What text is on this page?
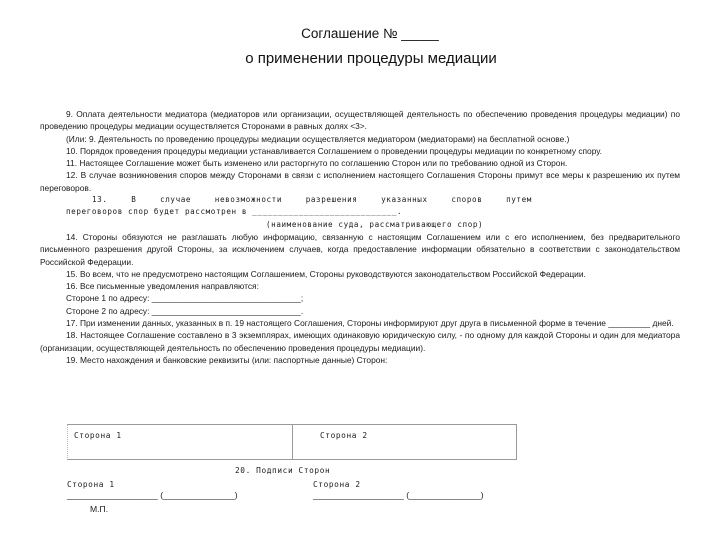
Соглашение № _____
о применении процедуры медиации

9. Оплата деятельности медиатора (медиаторов или организации, осуществляющей деятельность по обеспечению проведения процедуры медиации) по проведению процедуры медиации осуществляется Сторонами в равных долях <3>.

(Или: 9. Деятельность по проведению процедуры медиации осуществляется медиатором (медиаторами) на бесплатной основе.)

10. Порядок проведения процедуры медиации устанавливается Соглашением о проведении процедуры медиации по конкретному спору.

11. Настоящее Соглашение может быть изменено или расторгнуто по соглашению Сторон или по требованию одной из Сторон.

12. В случае возникновения споров между Сторонами в связи с исполнением настоящего Соглашения Стороны примут все меры к разрешению их путем переговоров.

13.	В	случае	невозможности	разрешения	указанных	споров	путем

переговоров спор будет рассмотрен в ____________________________.

(наименование суда, рассматривающего спор)

14. Стороны обязуются не разглашать любую информацию, связанную с настоящим Соглашением или с его исполнением, без предварительного письменного разрешения другой Стороны, за исключением случаев, когда предоставление информации обязательно в соответствии с законодательством Российской Федерации.

15. Во всем, что не предусмотрено настоящим Соглашением, Стороны руководствуются законодательством Российской Федерации.

16. Все письменные уведомления направляются:

Стороне 1 по адресу: ________________________________;

Стороне 2 по адресу: ________________________________.

17. При изменении данных, указанных в п. 19 настоящего Соглашения, Стороны информируют друг друга в письменной форме в течение _________ дней.

18. Настоящее Соглашение составлено в 3 экземплярах, имеющих одинаковую юридическую силу, - по одному для каждой Стороны и один для медиатора (организации, осуществляющей деятельность по обеспечению проведения процедуры медиации).

19. Место нахождения и банковские реквизиты (или: паспортные данные) Сторон:

Сторона 1	Сторона 2
20. Подписи Сторон
Сторона 1	Сторона 2
___________________ (_______________)	___________________ (_______________)
М.П.
